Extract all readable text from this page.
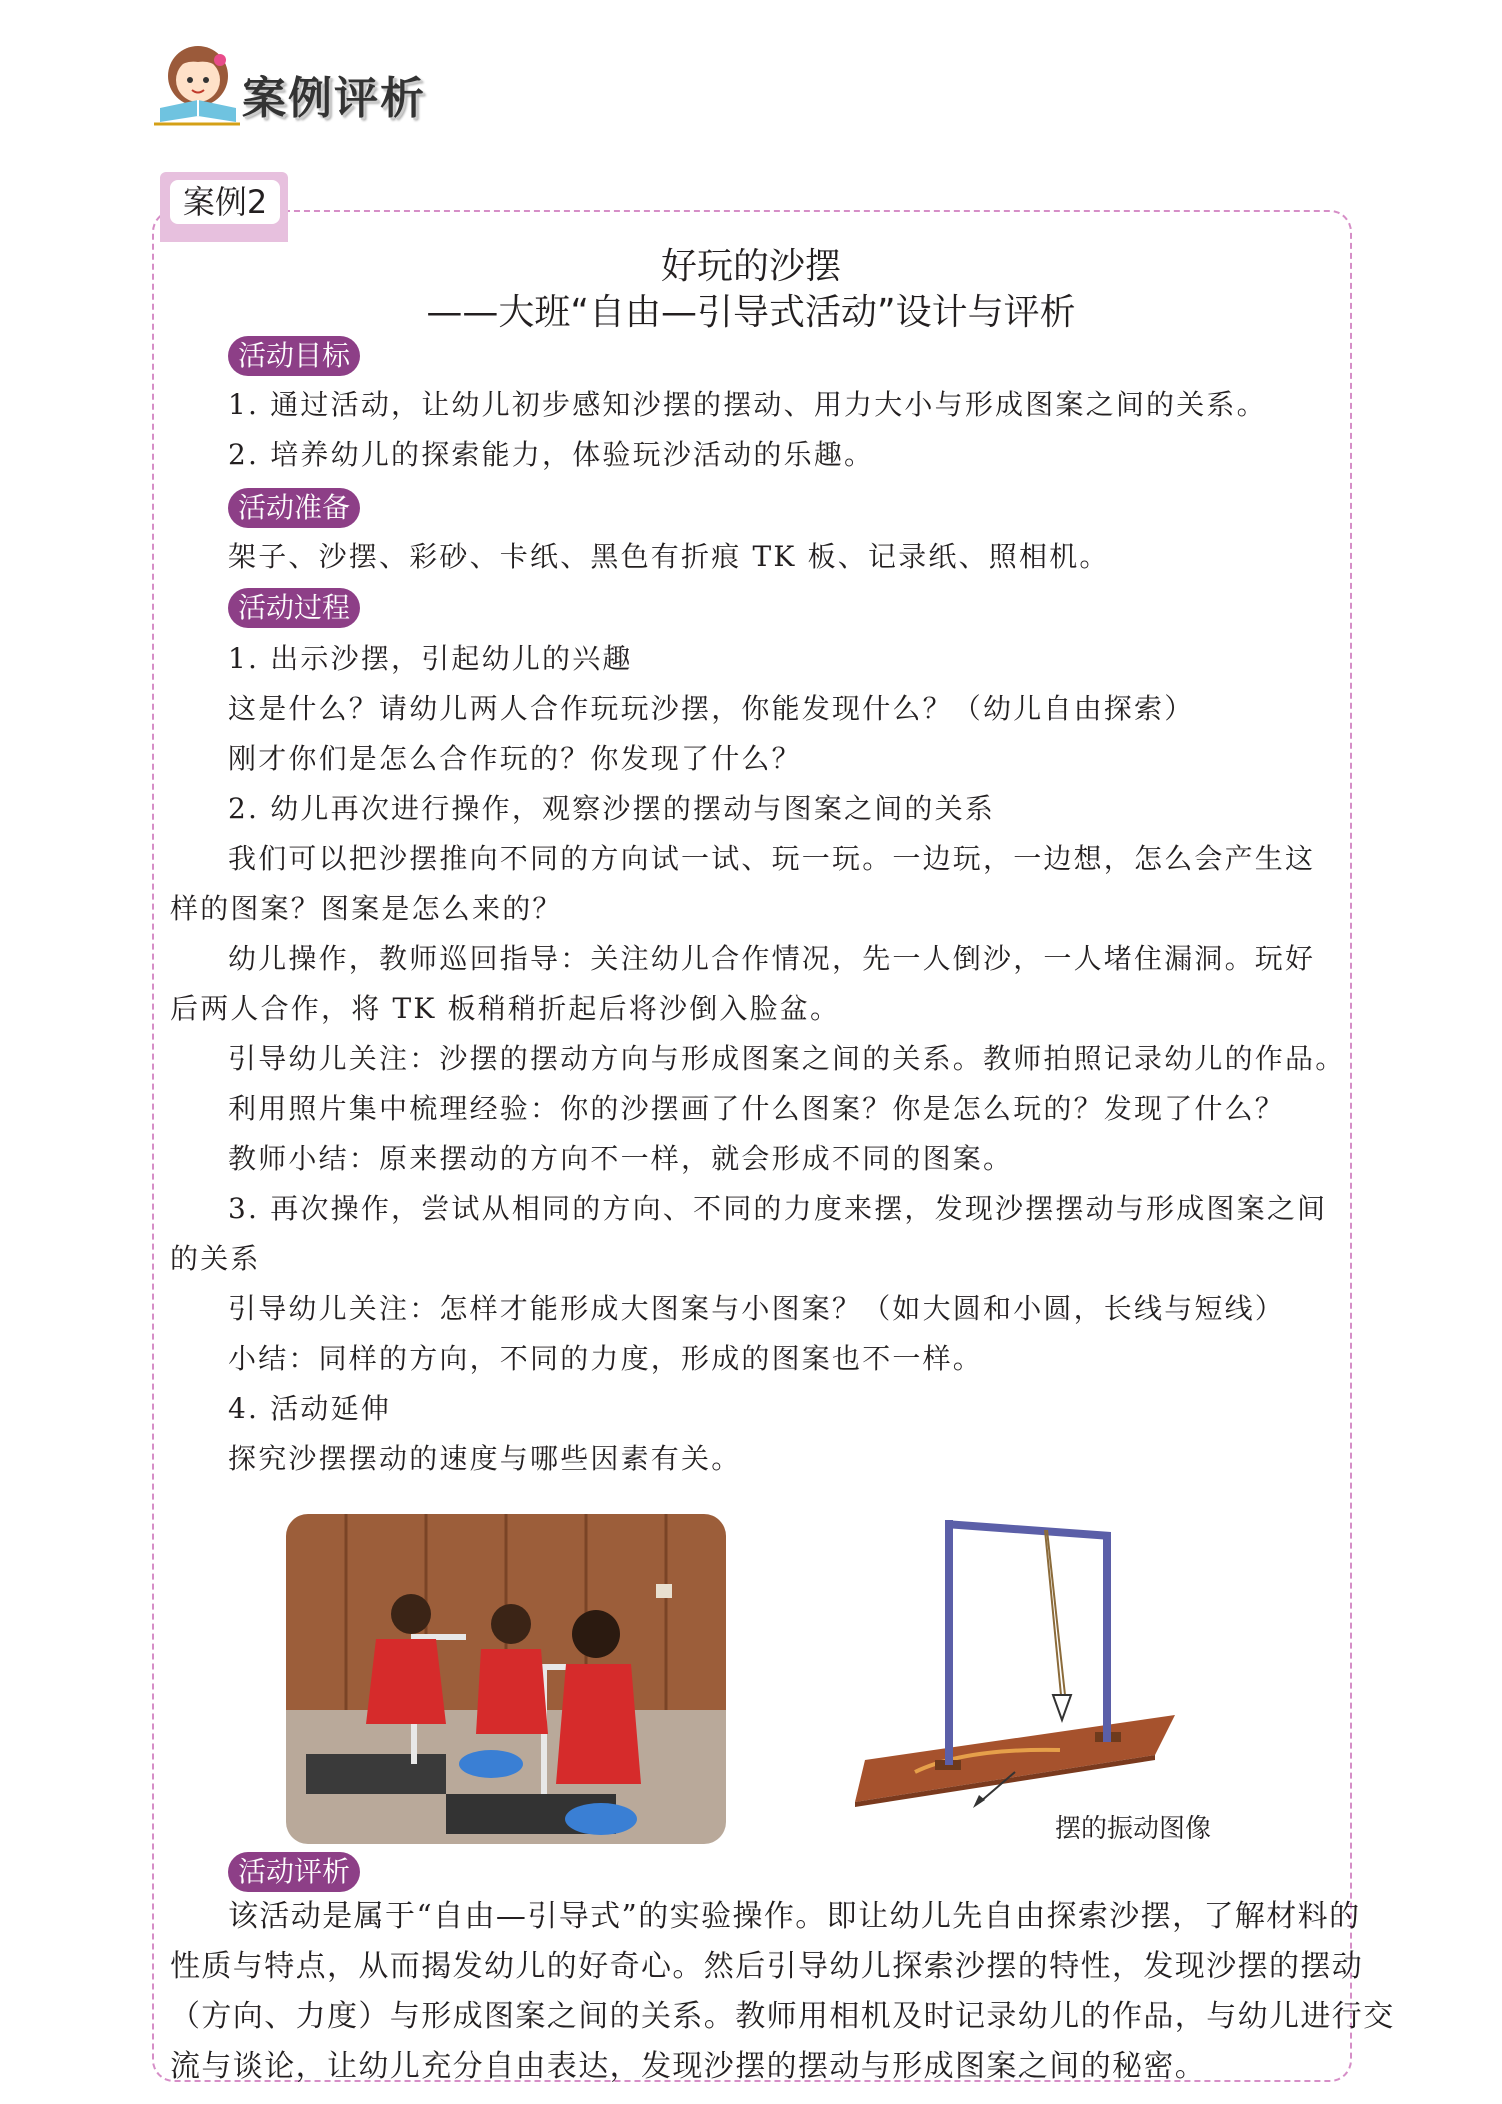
案例评析
案例2
好玩的沙摆
——大班“自由—引导式活动”设计与评析
活动目标
1. 通过活动，让幼儿初步感知沙摆的摆动、用力大小与形成图案之间的关系。
2. 培养幼儿的探索能力，体验玩沙活动的乐趣。
活动准备
架子、沙摆、彩砂、卡纸、黑色有折痕 TK 板、记录纸、照相机。
活动过程
1. 出示沙摆，引起幼儿的兴趣
这是什么？请幼儿两人合作玩玩沙摆，你能发现什么？（幼儿自由探索）
刚才你们是怎么合作玩的？你发现了什么？
2. 幼儿再次进行操作，观察沙摆的摆动与图案之间的关系
我们可以把沙摆推向不同的方向试一试、玩一玩。一边玩，一边想，怎么会产生这
样的图案？图案是怎么来的？
幼儿操作，教师巡回指导：关注幼儿合作情况，先一人倒沙，一人堵住漏洞。玩好
后两人合作，将 TK 板稍稍折起后将沙倒入脸盆。
引导幼儿关注：沙摆的摆动方向与形成图案之间的关系。教师拍照记录幼儿的作品。
利用照片集中梳理经验：你的沙摆画了什么图案？你是怎么玩的？发现了什么？
教师小结：原来摆动的方向不一样，就会形成不同的图案。
3. 再次操作，尝试从相同的方向、不同的力度来摆，发现沙摆摆动与形成图案之间
的关系
引导幼儿关注：怎样才能形成大图案与小图案？（如大圆和小圆，长线与短线）
小结：同样的方向，不同的力度，形成的图案也不一样。
4. 活动延伸
探究沙摆摆动的速度与哪些因素有关。
摆的振动图像
活动评析
该活动是属于“自由—引导式”的实验操作。即让幼儿先自由探索沙摆，了解材料的
性质与特点，从而揭发幼儿的好奇心。然后引导幼儿探索沙摆的特性，发现沙摆的摆动
（方向、力度）与形成图案之间的关系。教师用相机及时记录幼儿的作品，与幼儿进行交
流与谈论，让幼儿充分自由表达，发现沙摆的摆动与形成图案之间的秘密。
